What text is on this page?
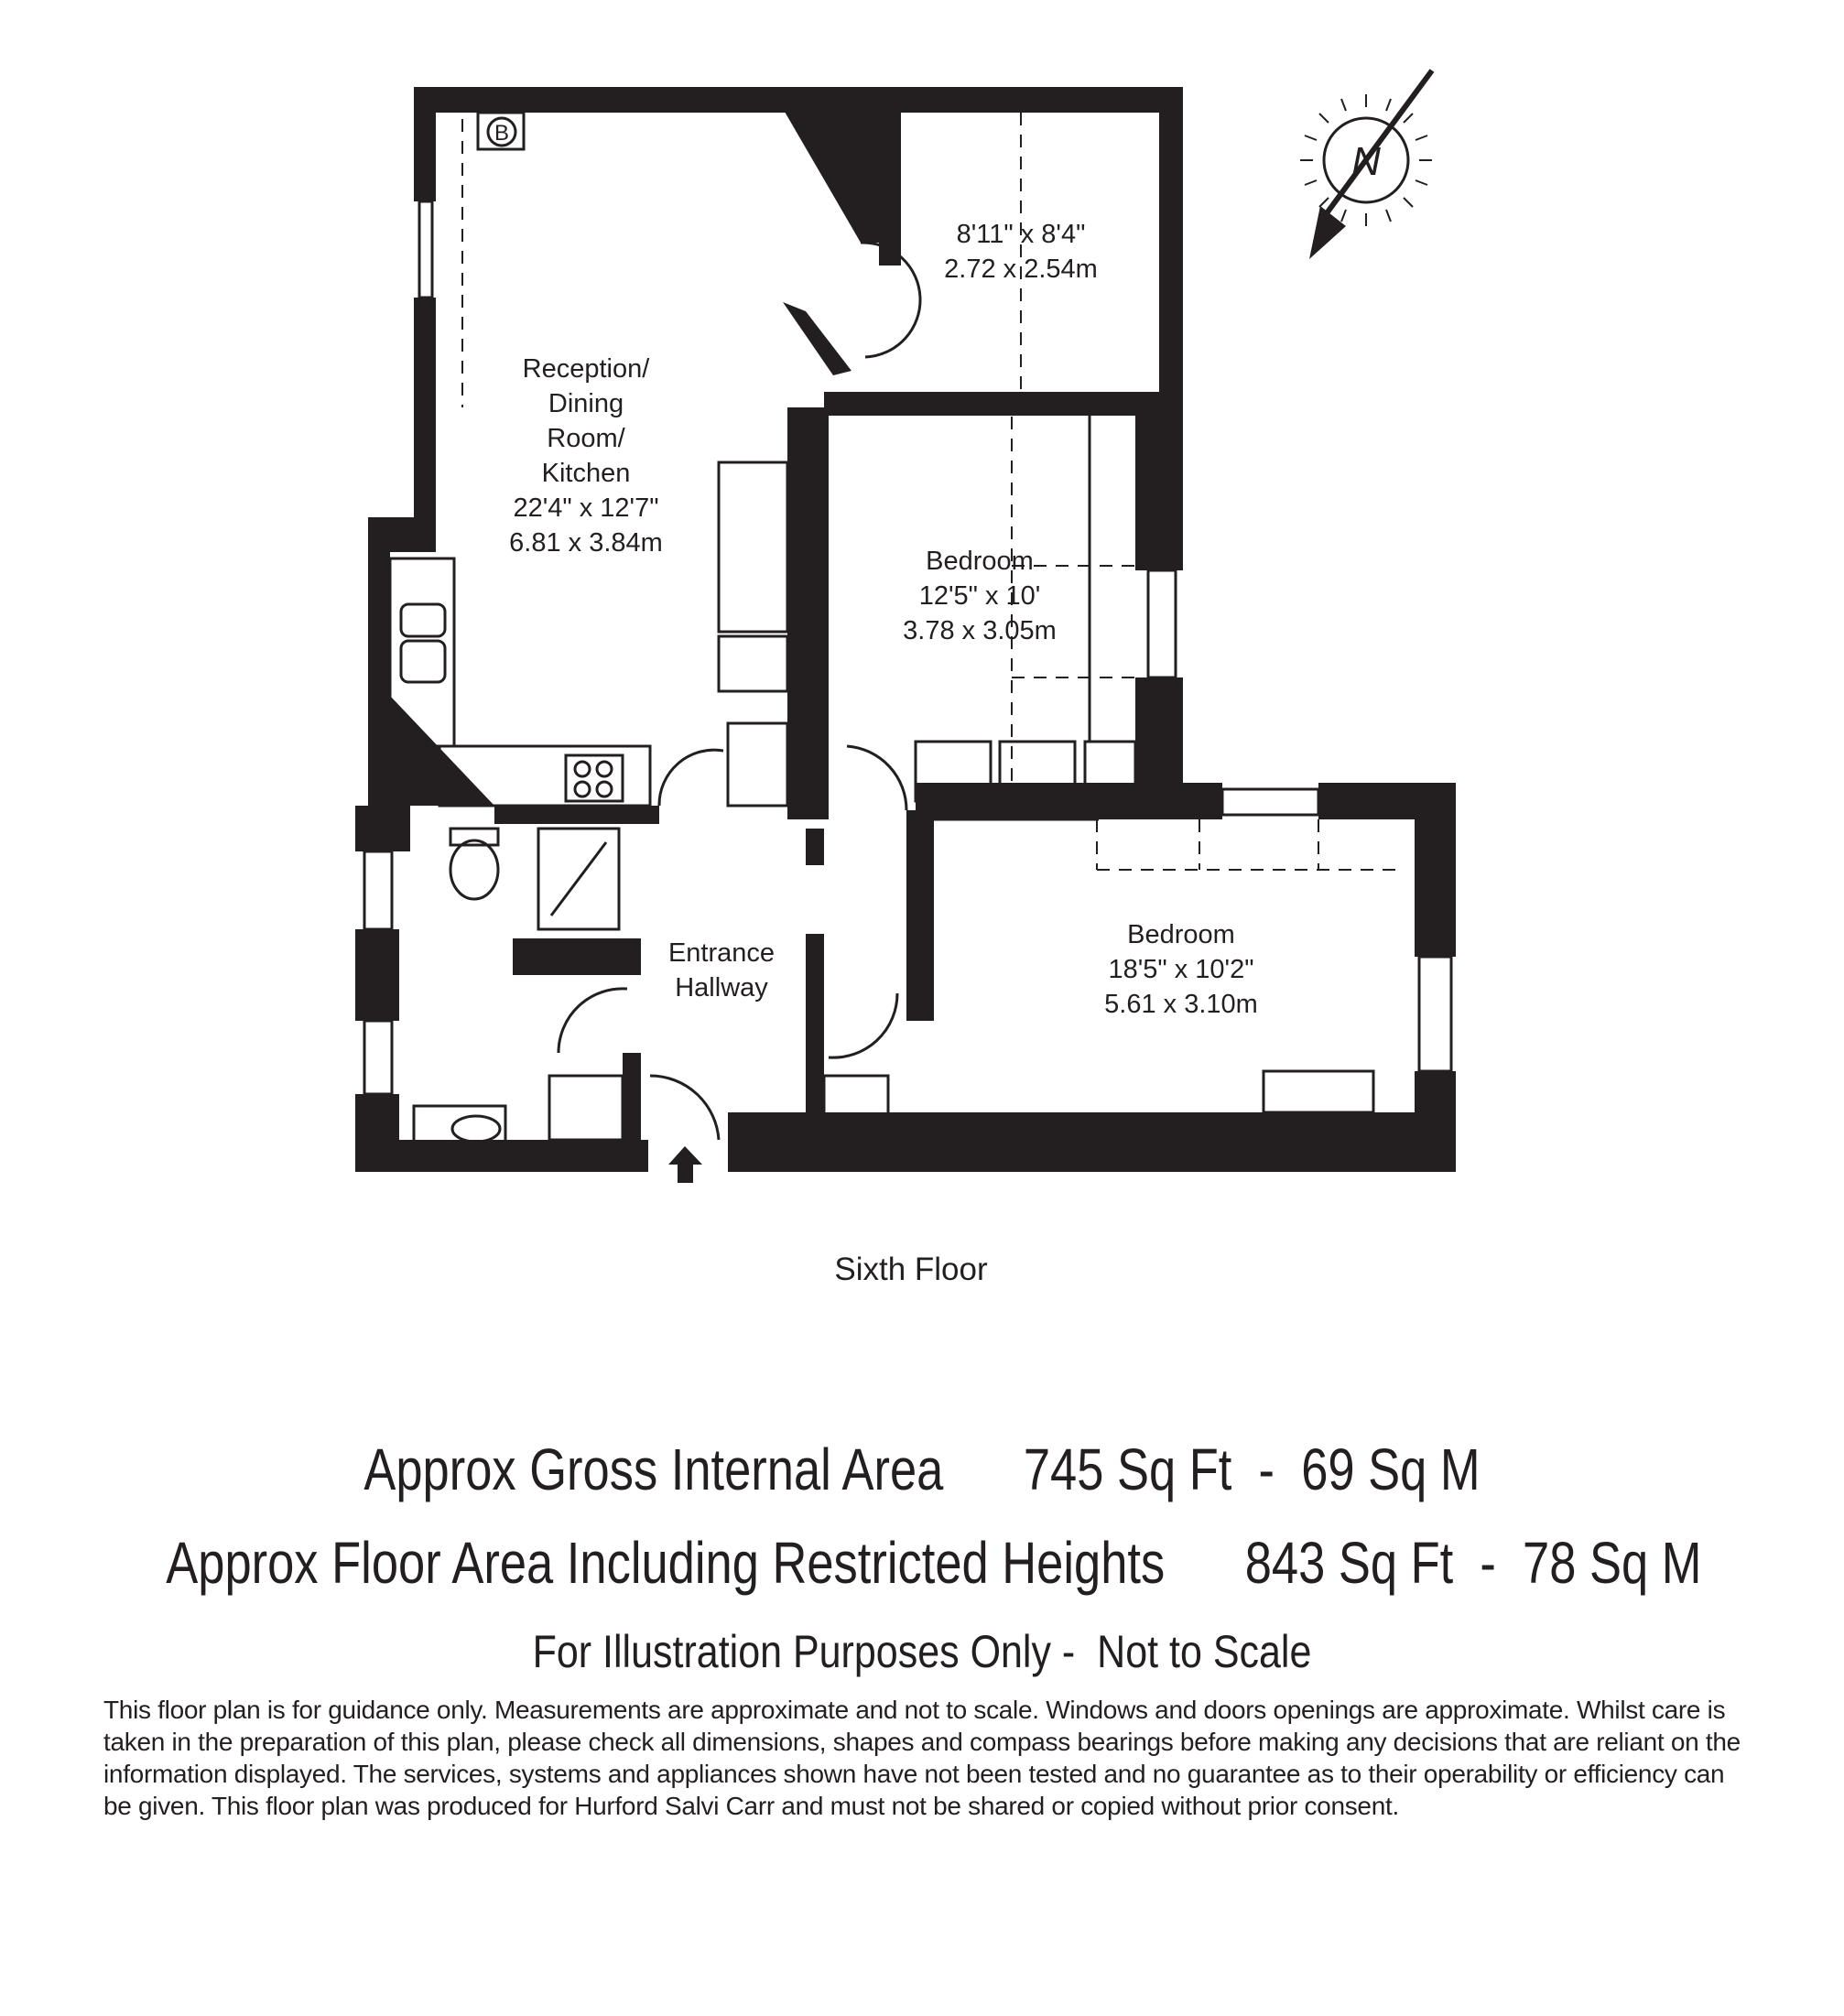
N
B
8'11" x 8'4"
2.72 x 2.54m
Reception/
Dining
Room/
Kitchen
22'4" x 12'7"
6.81 x 3.84m
Bedroom
12'5" x 10'
3.78 x 3.05m
Bedroom
18'5" x 10'2"
5.61 x 3.10m
Entrance
Hallway
Sixth Floor
Approx Gross Internal Area      745 Sq Ft  -  69 Sq M
Approx Floor Area Including Restricted Heights      843 Sq Ft  -  78 Sq M
For Illustration Purposes Only -  Not to Scale
This floor plan is for guidance only. Measurements are approximate and not to scale. Windows and doors openings are approximate. Whilst care is taken in the preparation of this plan, please check all dimensions, shapes and compass bearings before making any decisions that are reliant on the information displayed. The services, systems and appliances shown have not been tested and no guarantee as to their operability or efficiency can be given. This floor plan was produced for Hurford Salvi Carr and must not be shared or copied without prior consent.
